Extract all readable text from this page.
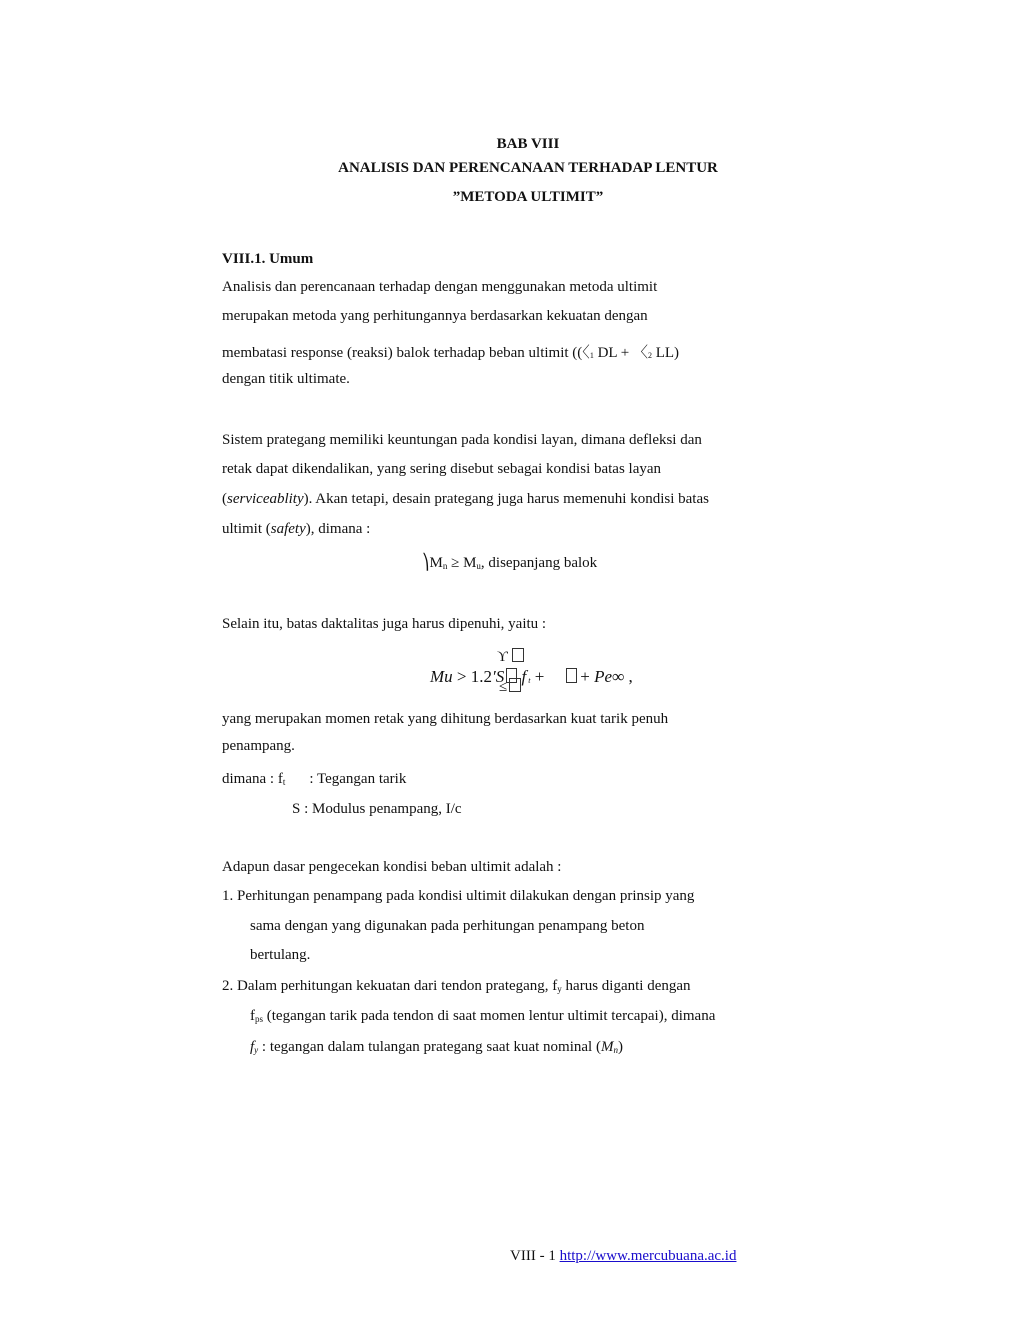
BAB VIII
ANALISIS DAN PERENCANAAN TERHADAP LENTUR
”METODA ULTIMIT”
VIII.1. Umum
Analisis dan perencanaan terhadap dengan menggunakan metoda ultimit
merupakan metoda yang perhitungannya berdasarkan kekuatan dengan
membatasi response (reaksi) balok terhadap beban ultimit ((〈1 DL + 〈2 LL)
dengan titik ultimate.
Sistem prategang memiliki keuntungan pada kondisi layan, dimana defleksi dan
retak dapat dikendalikan, yang sering disebut sebagai kondisi batas layan
(serviceablity). Akan tetapi, desain prategang juga harus memenuhi kondisi batas
ultimit (safety), dimana :
$⎞M_n \ge M_u$, disepanjang balok
Selain itu, batas daktalitas juga harus dipenuhi, yaitu :
ϒ
Mu > 1.2′S f t + + Pe∞ ,
≤
yang merupakan momen retak yang dihitung berdasarkan kuat tarik penuh
penampang.
dimana : $f_t$ : Tegangan tarik
S : Modulus penampang, I/c
Adapun dasar pengecekan kondisi beban ultimit adalah :
1. Perhitungan penampang pada kondisi ultimit dilakukan dengan prinsip yang
sama dengan yang digunakan pada perhitungan penampang beton
bertulang.
2. Dalam perhitungan kekuatan dari tendon prategang, $f_y$ harus diganti dengan
$f_{ps}$ (tegangan tarik pada tendon di saat momen lentur ultimit tercapai), dimana
$f_y$ : tegangan dalam tulangan prategang saat kuat nominal $(M_n)$
VIII - 1 http://www.mercubuana.ac.id
